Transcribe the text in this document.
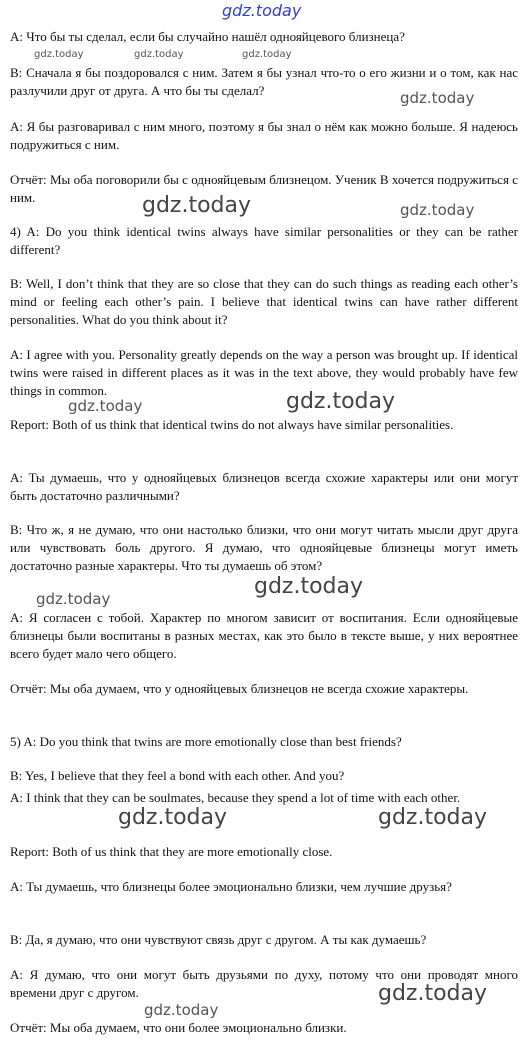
gdz.today
gdz.today	gdz.today	gdz.today
gdz.today
gdz.today	gdz.today
gdz.today	gdz.today
gdz.today
gdz.today
gdz.today	gdz.today
gdz.today
gdz.today

А: Что бы ты сделал, если бы случайно нашёл однояйцевого близнеца?

В: Сначала я бы поздоровался с ним. Затем я бы узнал что-то о его жизни и о том, как нас разлучили друг от друга. А что бы ты сделал?

А: Я бы разговаривал с ним много, поэтому я бы знал о нём как можно больше. Я надеюсь подружиться с ним.

Отчёт: Мы оба поговорили бы с однояйцевым близнецом. Ученик В хочется подружиться с ним.

4) A: Do you think identical twins always have similar personalities or they can be rather different?

B: Well, I don’t think that they are so close that they can do such things as reading each other’s mind or feeling each other’s pain. I believe that identical twins can have rather different personalities. What do you think about it?

A: I agree with you. Personality greatly depends on the way a person was brought up. If identical twins were raised in different places as it was in the text above, they would probably have few things in common.

Report: Both of us think that identical twins do not always have similar personalities.

А: Ты думаешь, что у однояйцевых близнецов всегда схожие характеры или они могут быть достаточно различными?

В: Что ж, я не думаю, что они настолько близки, что они могут читать мысли друг друга или чувствовать боль другого. Я думаю, что однояйцевые близнецы могут иметь достаточно разные характеры. Что ты думаешь об этом?

А: Я согласен с тобой. Характер по многом зависит от воспитания. Если однояйцевые близнецы были воспитаны в разных местах, как это было в тексте выше, у них вероятнее всего будет мало чего общего.

Отчёт: Мы оба думаем, что у однояйцевых близнецов не всегда схожие характеры.

5) A: Do you think that twins are more emotionally close than best friends?

B: Yes, I believe that they feel a bond with each other. And you?

A: I think that they can be soulmates, because they spend a lot of time with each other.

Report: Both of us think that they are more emotionally close.

А: Ты думаешь, что близнецы более эмоционально близки, чем лучшие друзья?

В: Да, я думаю, что они чувствуют связь друг с другом. А ты как думаешь?

А: Я думаю, что они могут быть друзьями по духу, потому что они проводят много времени друг с другом.

Отчёт: Мы оба думаем, что они более эмоционально близки.
